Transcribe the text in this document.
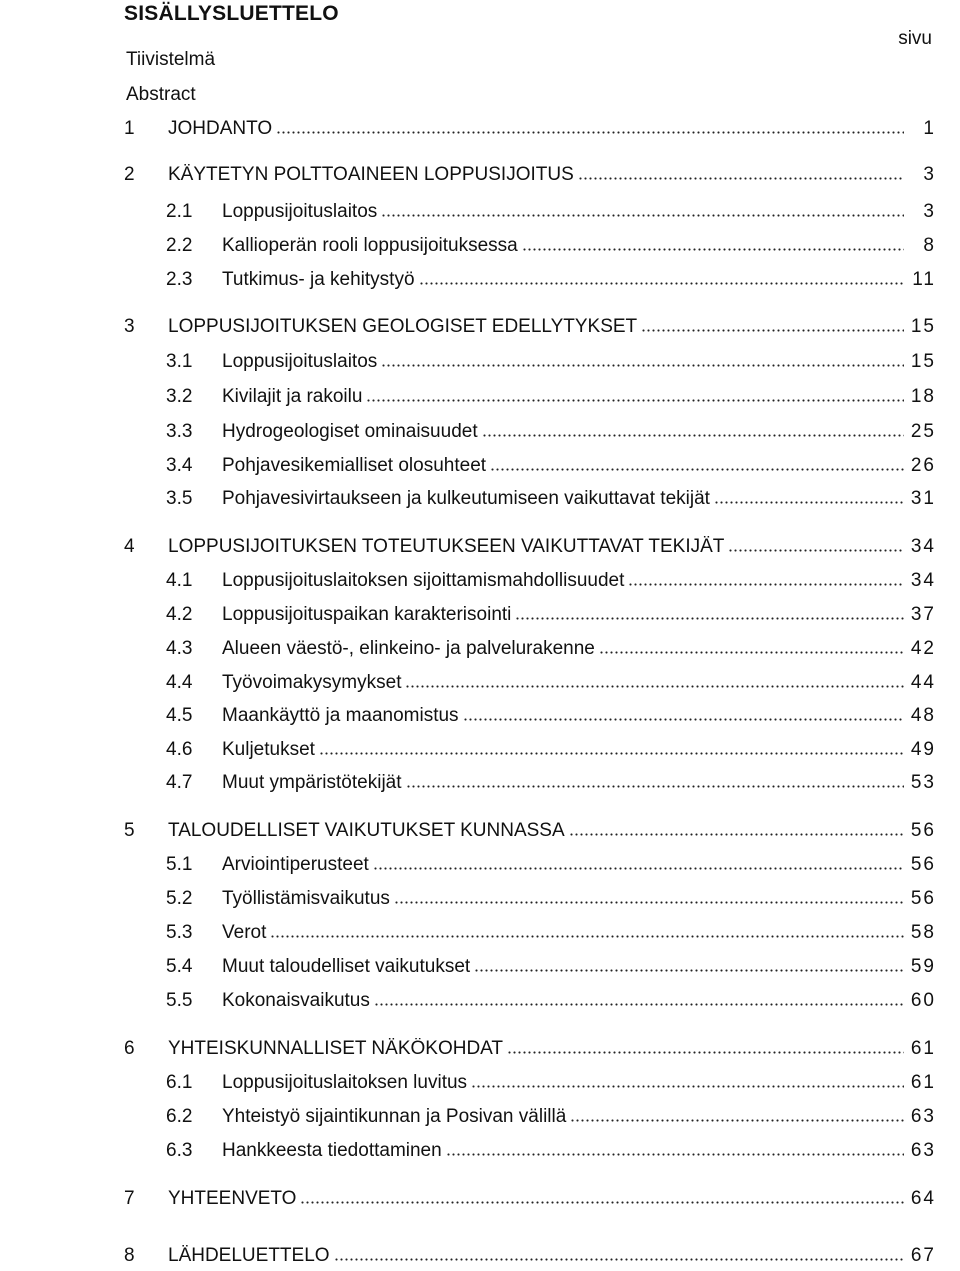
SISÄLLYSLUETTELO
sivu
Tiivistelmä
Abstract
1 JOHDANTO	1
2 KÄYTETYN POLTTOAINEEN LOPPUSIJOITUS	3
2.1 Loppusijoituslaitos	3
2.2 Kallioperän rooli loppusijoituksessa	8
2.3 Tutkimus- ja kehitystyö	11
3 LOPPUSIJOITUKSEN GEOLOGISET EDELLYTYKSET	15
3.1 Loppusijoituslaitos	15
3.2 Kivilajit ja rakoilu	18
3.3 Hydrogeologiset ominaisuudet	25
3.4 Pohjavesikemialliset olosuhteet	26
3.5 Pohjavesivirtaukseen ja kulkeutumiseen vaikuttavat tekijät	31
4 LOPPUSIJOITUKSEN TOTEUTUKSEEN VAIKUTTAVAT TEKIJÄT	34
4.1 Loppusijoituslaitoksen sijoittamismahdollisuudet	34
4.2 Loppusijoituspaikan karakterisointi	37
4.3 Alueen väestö-, elinkeino- ja palvelurakenne	42
4.4 Työvoimakysymykset	44
4.5 Maankäyttö ja maanomistus	48
4.6 Kuljetukset	49
4.7 Muut ympäristötekijät	53
5 TALOUDELLISET VAIKUTUKSET KUNNASSA	56
5.1 Arviointiperusteet	56
5.2 Työllistämisvaikutus	56
5.3 Verot	58
5.4 Muut taloudelliset vaikutukset	59
5.5 Kokonaisvaikutus	60
6 YHTEISKUNNALLISET NÄKÖKOHDAT	61
6.1 Loppusijoituslaitoksen luvitus	61
6.2 Yhteistyö sijaintikunnan ja Posivan välillä	63
6.3 Hankkeesta tiedottaminen	63
7 YHTEENVETO	64
8 LÄHDELUETTELO	67
